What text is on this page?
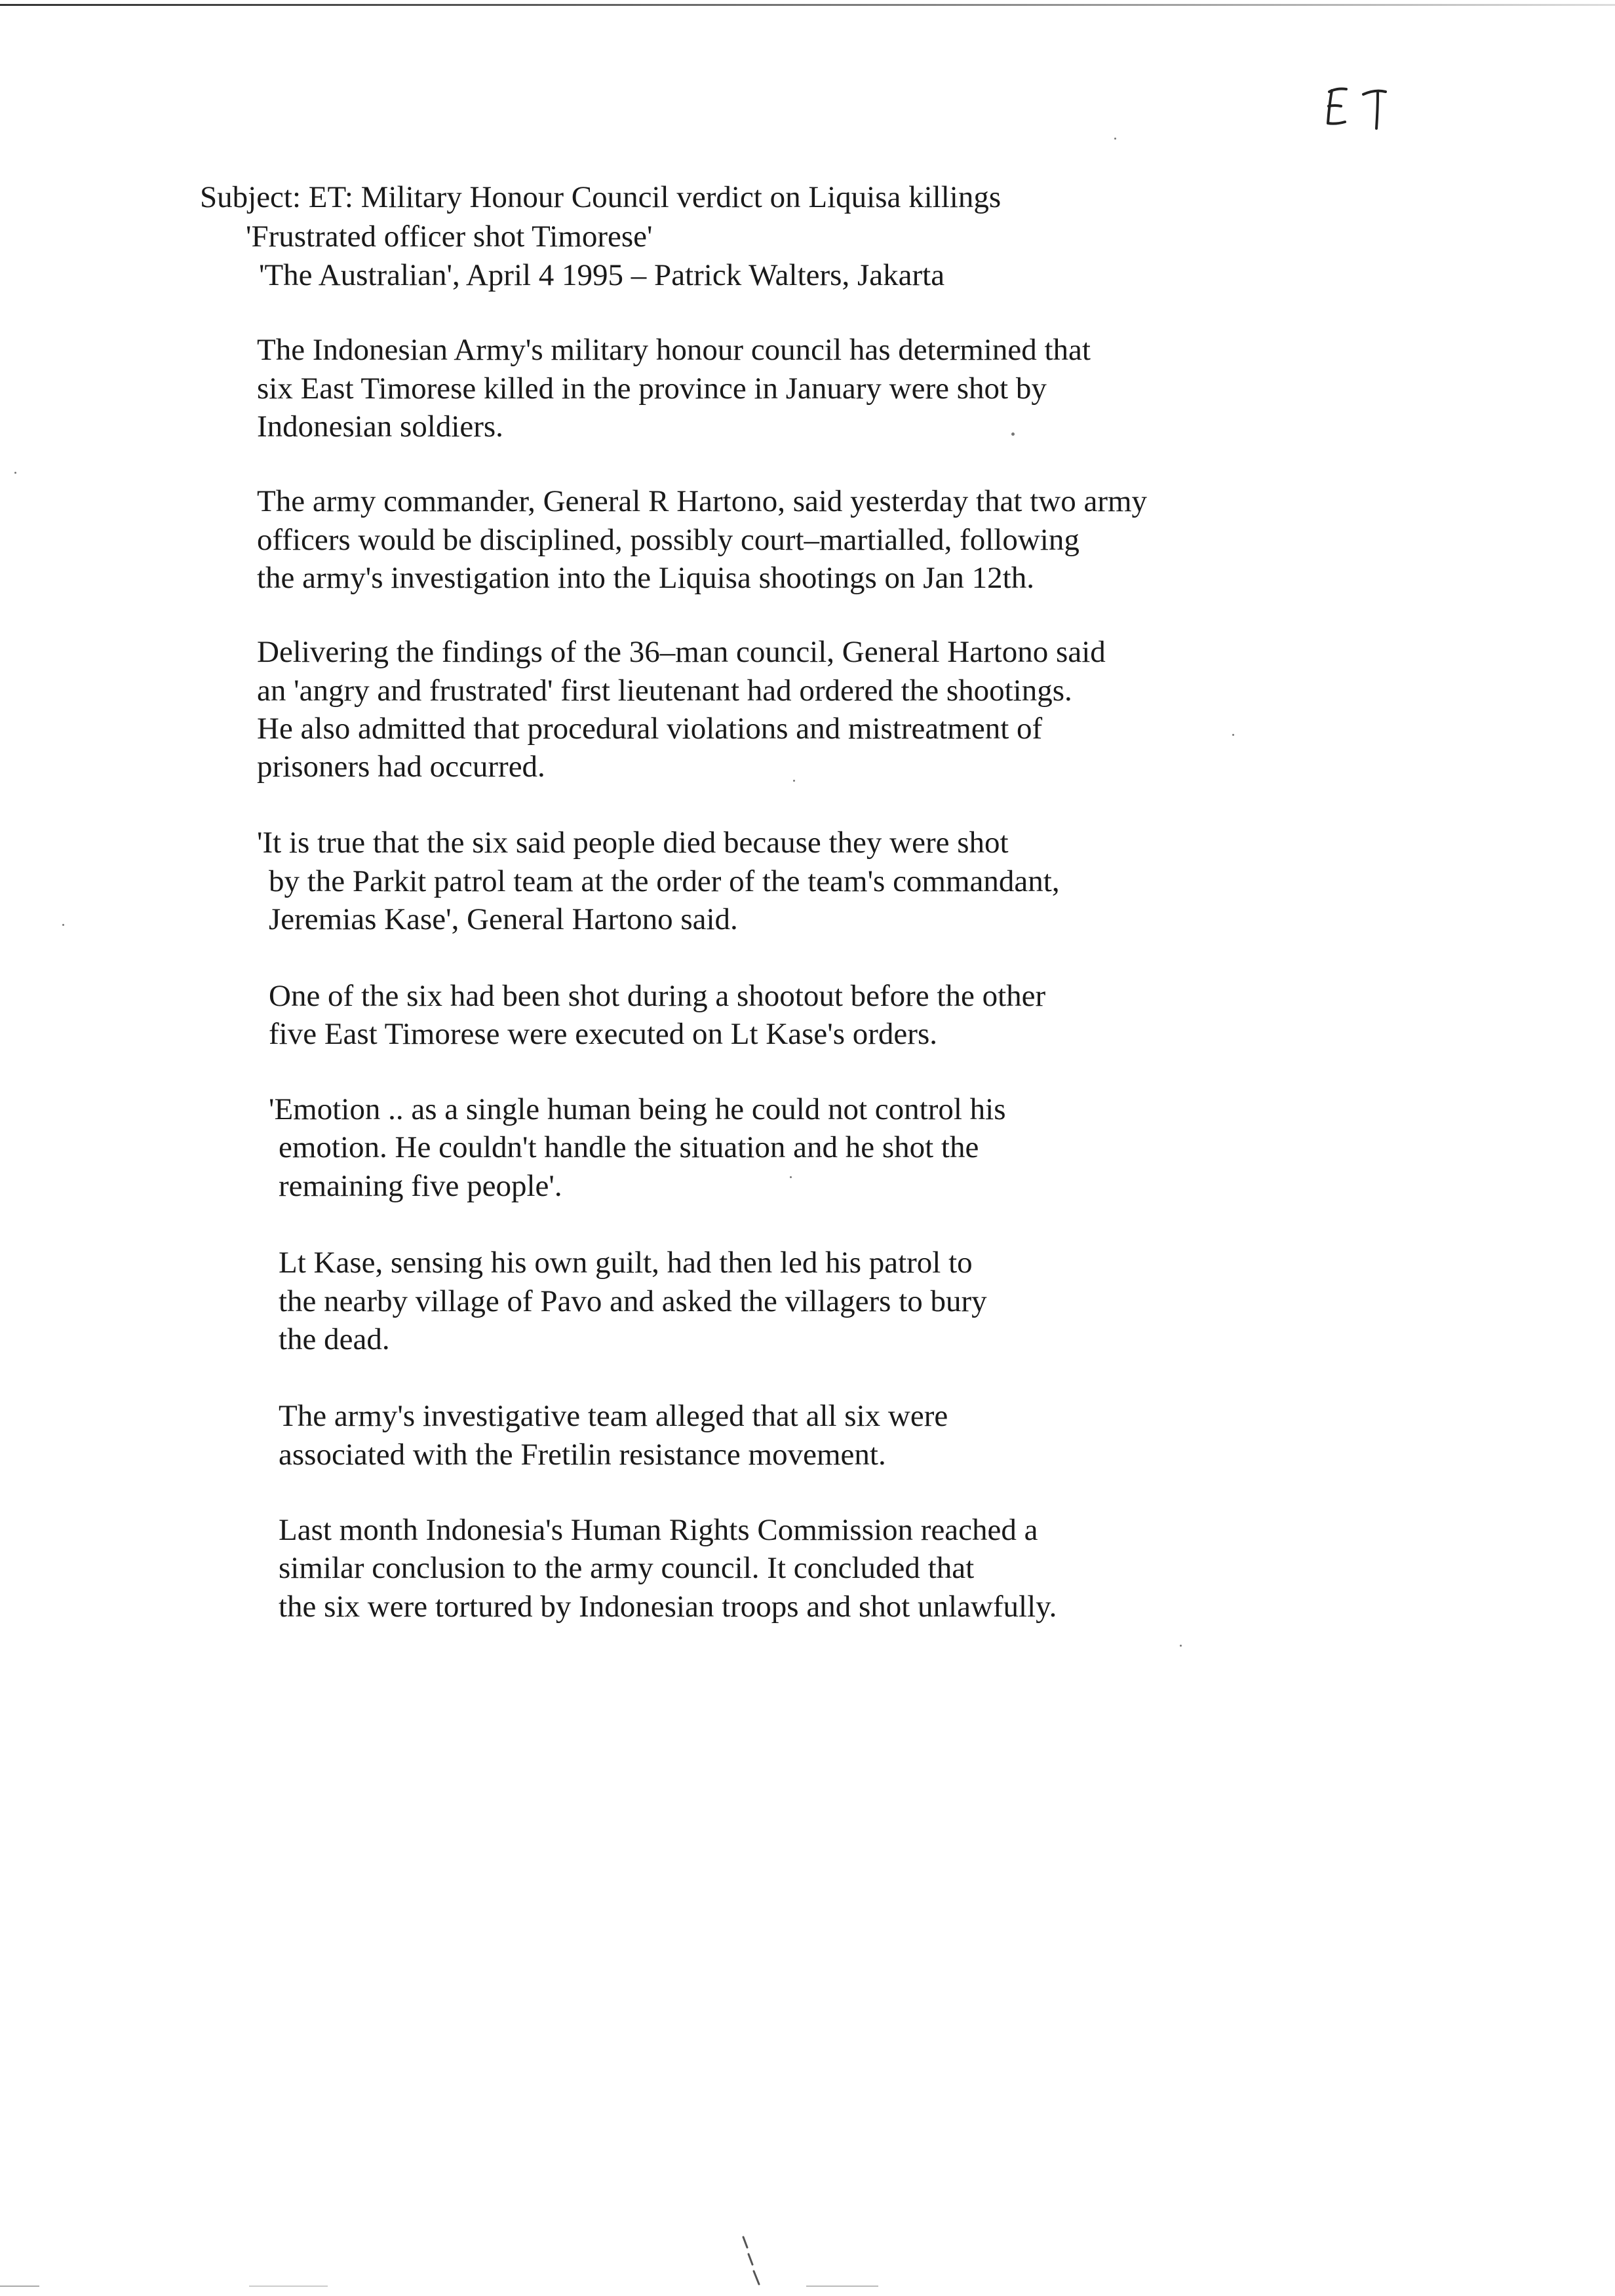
Subject: ET: Military Honour Council verdict on Liquisa killings
'Frustrated officer shot Timorese'
'The Australian', April 4 1995 – Patrick Walters, Jakarta
The Indonesian Army's military honour council has determined that
six East Timorese killed in the province in January were shot by
Indonesian soldiers.
The army commander, General R Hartono, said yesterday that two army
officers would be disciplined, possibly court–martialled, following
the army's investigation into the Liquisa shootings on Jan 12th.
Delivering the findings of the 36–man council, General Hartono said
an 'angry and frustrated' first lieutenant had ordered the shootings.
He also admitted that procedural violations and mistreatment of
prisoners had occurred.
'It is true that the six said people died because they were shot
by the Parkit patrol team at the order of the team's commandant,
Jeremias Kase', General Hartono said.
One of the six had been shot during a shootout before the other
five East Timorese were executed on Lt Kase's orders.
'Emotion .. as a single human being he could not control his
emotion. He couldn't handle the situation and he shot the
remaining five people'.
Lt Kase, sensing his own guilt, had then led his patrol to
the nearby village of Pavo and asked the villagers to bury
the dead.
The army's investigative team alleged that all six were
associated with the Fretilin resistance movement.
Last month Indonesia's Human Rights Commission reached a
similar conclusion to the army council. It concluded that
the six were tortured by Indonesian troops and shot unlawfully.
